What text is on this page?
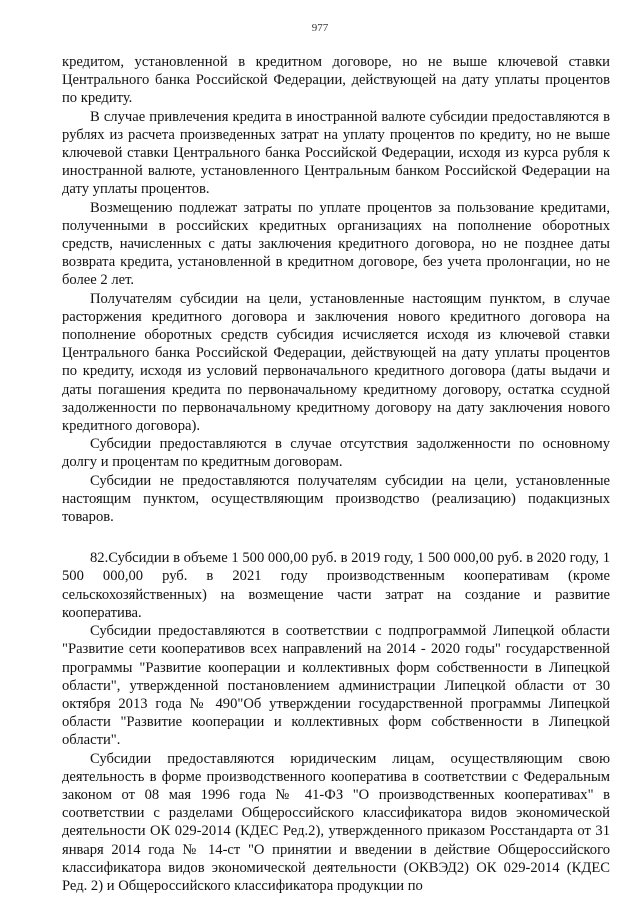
977

кредитом, установленной в кредитном договоре, но не выше ключевой ставки Центрального банка Российской Федерации, действующей на дату уплаты процентов по кредиту.

В случае привлечения кредита в иностранной валюте субсидии предоставляются в рублях из расчета произведенных затрат на уплату процентов по кредиту, но не выше ключевой ставки Центрального банка Российской Федерации, исходя из курса рубля к иностранной валюте, установленного Центральным банком Российской Федерации на дату уплаты процентов.

Возмещению подлежат затраты по уплате процентов за пользование кредитами, полученными в российских кредитных организациях на пополнение оборотных средств, начисленных с даты заключения кредитного договора, но не позднее даты возврата кредита, установленной в кредитном договоре, без учета пролонгации, но не более 2 лет.

Получателям субсидии на цели, установленные настоящим пунктом, в случае расторжения кредитного договора и заключения нового кредитного договора на пополнение оборотных средств субсидия исчисляется исходя из ключевой ставки Центрального банка Российской Федерации, действующей на дату уплаты процентов по кредиту, исходя из условий первоначального кредитного договора (даты выдачи и даты погашения кредита по первоначальному кредитному договору, остатка ссудной задолженности по первоначальному кредитному договору на дату заключения нового кредитного договора).

Субсидии предоставляются в случае отсутствия задолженности по основному долгу и процентам по кредитным договорам.

Субсидии не предоставляются получателям субсидии на цели, установленные настоящим пунктом, осуществляющим производство (реализацию) подакцизных товаров.

82.Субсидии в объеме 1 500 000,00 руб. в 2019 году, 1 500 000,00 руб. в 2020 году, 1 500 000,00 руб. в 2021 году производственным кооперативам (кроме сельскохозяйственных) на возмещение части затрат на создание и развитие кооператива.

Субсидии предоставляются в соответствии с подпрограммой Липецкой области "Развитие сети кооперативов всех направлений на 2014 - 2020 годы" государственной программы "Развитие кооперации и коллективных форм собственности в Липецкой области", утвержденной постановлением администрации Липецкой области от 30 октября 2013 года № 490"Об утверждении государственной программы Липецкой области "Развитие кооперации и коллективных форм собственности в Липецкой области".

Субсидии предоставляются юридическим лицам, осуществляющим свою деятельность в форме производственного кооператива в соответствии с Федеральным законом от 08 мая 1996 года № 41-ФЗ "О производственных кооперативах" в соответствии с разделами Общероссийского классификатора видов экономической деятельности ОК 029-2014 (КДЕС Ред.2), утвержденного приказом Росстандарта от 31 января 2014 года № 14-ст "О принятии и введении в действие Общероссийского классификатора видов экономической деятельности (ОКВЭД2) ОК 029-2014 (КДЕС Ред. 2) и Общероссийского классификатора продукции по
